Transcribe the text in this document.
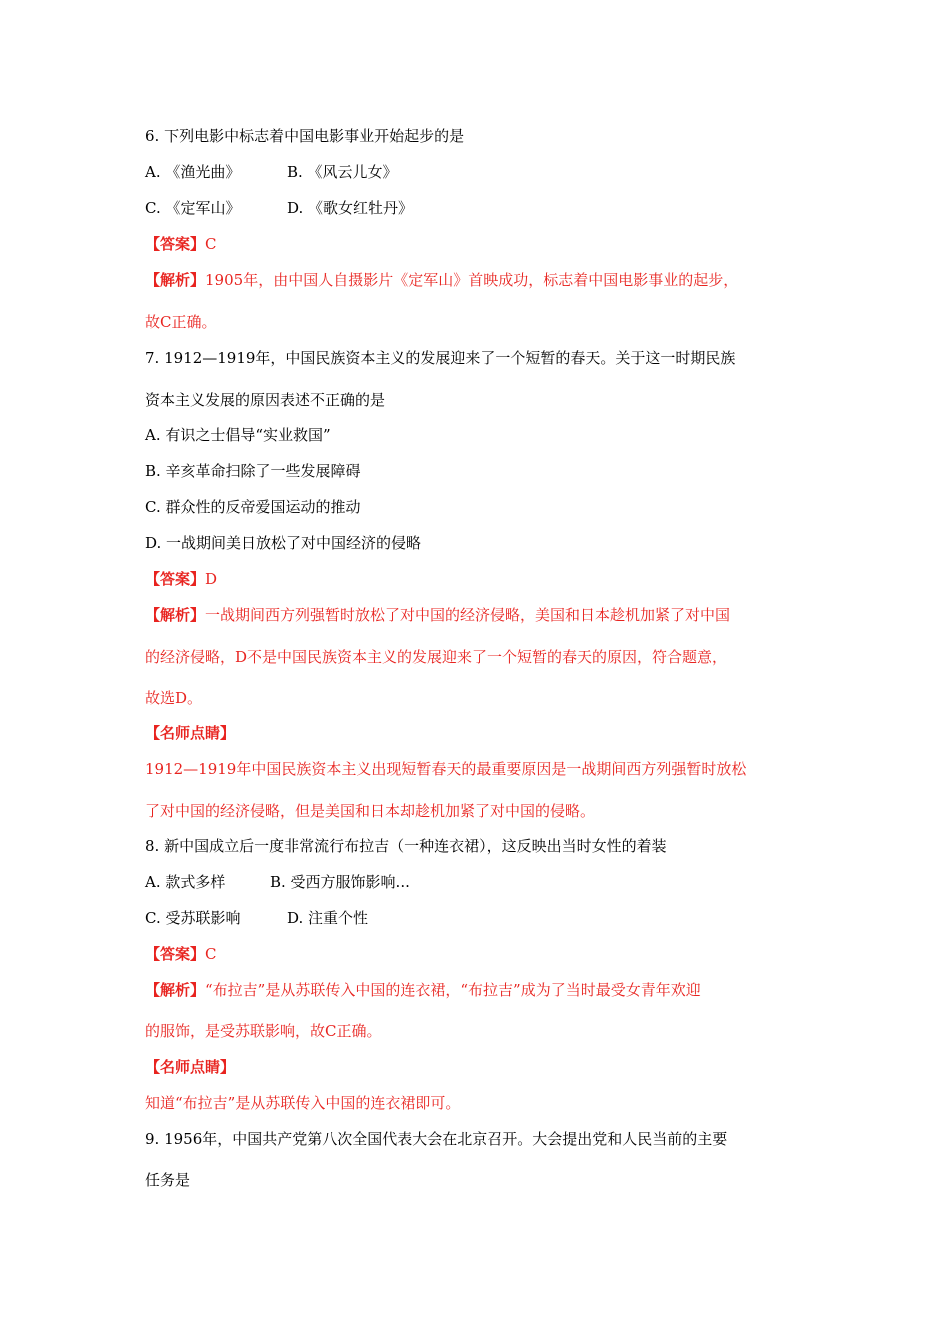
6. 下列电影中标志着中国电影事业开始起步的是
A. 《渔光曲》	B. 《风云儿女》
C. 《定军山》	D. 《歌女红牡丹》
【答案】C
【解析】1905年，由中国人自摄影片《定军山》首映成功，标志着中国电影事业的起步，
故C正确。
7. 1912—1919年，中国民族资本主义的发展迎来了一个短暂的春天。关于这一时期民族
资本主义发展的原因表述不正确的是
A. 有识之士倡导“实业救国”
B. 辛亥革命扫除了一些发展障碍
C. 群众性的反帝爱国运动的推动
D. 一战期间美日放松了对中国经济的侵略
【答案】D
【解析】一战期间西方列强暂时放松了对中国的经济侵略，美国和日本趁机加紧了对中国
的经济侵略，D不是中国民族资本主义的发展迎来了一个短暂的春天的原因，符合题意，
故选D。
【名师点睛】
1912—1919年中国民族资本主义出现短暂春天的最重要原因是一战期间西方列强暂时放松
了对中国的经济侵略，但是美国和日本却趁机加紧了对中国的侵略。
8. 新中国成立后一度非常流行布拉吉（一种连衣裙），这反映出当时女性的着装
A. 款式多样	B. 受西方服饰影响...
C. 受苏联影响	D. 注重个性
【答案】C
【解析】“布拉吉”是从苏联传入中国的连衣裙，“布拉吉”成为了当时最受女青年欢迎
的服饰，是受苏联影响，故C正确。
【名师点睛】
知道“布拉吉”是从苏联传入中国的连衣裙即可。
9. 1956年，中国共产党第八次全国代表大会在北京召开。大会提出党和人民当前的主要
任务是
